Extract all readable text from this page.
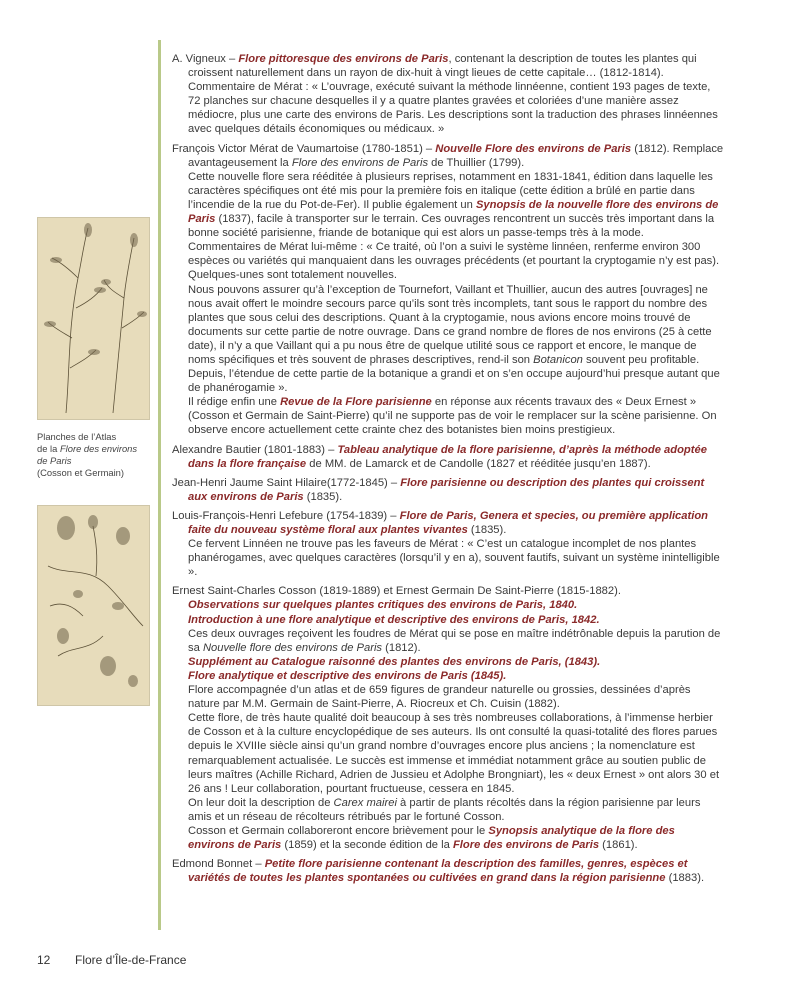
Planches de l’Atlas
de la Flore des environs
de Paris
(Cosson et Germain)
A. Vigneux – Flore pittoresque des environs de Paris, contenant la description de toutes les plantes qui croissent naturellement dans un rayon de dix-huit à vingt lieues de cette capitale… (1812-1814).

Commentaire de Mérat : « L’ouvrage, exécuté suivant la méthode linnéenne, contient 193 pages de texte, 72 planches sur chacune desquelles il y a quatre plantes gravées et coloriées d’une manière assez médiocre, plus une carte des environs de Paris. Les descriptions sont la traduction des phrases linnéennes avec quelques détails économiques ou médicaux. »

François Victor Mérat de Vaumartoise (1780-1851) – Nouvelle Flore des environs de Paris (1812). Remplace avantageusement la Flore des environs de Paris de Thuillier (1799).

Cette nouvelle flore sera rééditée à plusieurs reprises, notamment en 1831-1841, édition dans laquelle les caractères spécifiques ont été mis pour la première fois en italique (cette édition a brûlé en partie dans l’incendie de la rue du Pot-de-Fer). Il publie également un Synopsis de la nouvelle flore des environs de Paris (1837), facile à transporter sur le terrain. Ces ouvrages rencontrent un succès très important dans la bonne société parisienne, friande de botanique qui est alors un passe-temps très à la mode.

Commentaires de Mérat lui-même : « Ce traité, où l’on a suivi le système linnéen, renferme environ 300 espèces ou variétés qui manquaient dans les ouvrages précédents (et pourtant la cryptogamie n’y est pas). Quelques-unes sont totalement nouvelles.

Nous pouvons assurer qu’à l’exception de Tournefort, Vaillant et Thuillier, aucun des autres [ouvrages] ne nous avait offert le moindre secours parce qu’ils sont très incomplets, tant sous le rapport du nombre des plantes que sous celui des descriptions. Quant à la cryptogamie, nous avions encore moins trouvé de documents sur cette partie de notre ouvrage. Dans ce grand nombre de flores de nos environs (25 à cette date), il n’y a que Vaillant qui a pu nous être de quelque utilité sous ce rapport et encore, le manque de noms spécifiques et très souvent de phrases descriptives, rend-il son Botanicon souvent peu profitable. Depuis, l’étendue de cette partie de la botanique a grandi et on s’en occupe aujourd’hui presque autant que de phanérogamie ».

Il rédige enfin une Revue de la Flore parisienne en réponse aux récents travaux des « Deux Ernest » (Cosson et Germain de Saint-Pierre) qu’il ne supporte pas de voir le remplacer sur la scène parisienne. On observe encore actuellement cette crainte chez des botanistes bien moins prestigieux.

Alexandre Bautier (1801-1883) – Tableau analytique de la flore parisienne, d’après la méthode adoptée dans la flore française de MM. de Lamarck et de Candolle (1827 et rééditée jusqu’en 1887).
Jean-Henri Jaume Saint Hilaire(1772-1845) – Flore parisienne ou description des plantes qui croissent aux environs de Paris (1835).
Louis-François-Henri Lefebure (1754-1839) – Flore de Paris, Genera et species, ou première application faite du nouveau système floral aux plantes vivantes (1835).

Ce fervent Linnéen ne trouve pas les faveurs de Mérat : « C’est un catalogue incomplet de nos plantes phanérogames, avec quelques caractères (lorsqu’il y en a), souvent fautifs, suivant un système inintelligible ».

Ernest Saint-Charles Cosson (1819-1889) et Ernest Germain De Saint-Pierre (1815-1882).

Observations sur quelques plantes critiques des environs de Paris, 1840.

Introduction à une flore analytique et descriptive des environs de Paris, 1842.

Ces deux ouvrages reçoivent les foudres de Mérat qui se pose en maître indétrônable depuis la parution de sa Nouvelle flore des environs de Paris (1812).

Supplément au Catalogue raisonné des plantes des environs de Paris, (1843).

Flore analytique et descriptive des environs de Paris (1845).

Flore accompagnée d’un atlas et de 659 figures de grandeur naturelle ou grossies, dessinées d’après nature par M.M. Germain de Saint-Pierre, A. Riocreux et Ch. Cuisin (1882).

Cette flore, de très haute qualité doit beaucoup à ses très nombreuses collaborations, à l’immense herbier de Cosson et à la culture encyclopédique de ses auteurs. Ils ont consulté la quasi-totalité des flores parues depuis le XVIIIe siècle ainsi qu’un grand nombre d’ouvrages encore plus anciens ; la nomenclature est remarquablement actualisée. Le succès est immense et immédiat notamment grâce au soutien public de leurs maîtres (Achille Richard, Adrien de Jussieu et Adolphe Brongniart), les « deux Ernest » ont alors 30 et 26 ans ! Leur collaboration, pourtant fructueuse, cessera en 1845.

On leur doit la description de Carex mairei à partir de plants récoltés dans la région parisienne par leurs amis et un réseau de récolteurs rétribués par le fortuné Cosson.

Cosson et Germain collaboreront encore brièvement pour le Synopsis analytique de la flore des environs de Paris (1859) et la seconde édition de la Flore des environs de Paris (1861).

Edmond Bonnet – Petite flore parisienne contenant la description des familles, genres, espèces et variétés de toutes les plantes spontanées ou cultivées en grand dans la région parisienne (1883).
12 Flore d’Île-de-France
